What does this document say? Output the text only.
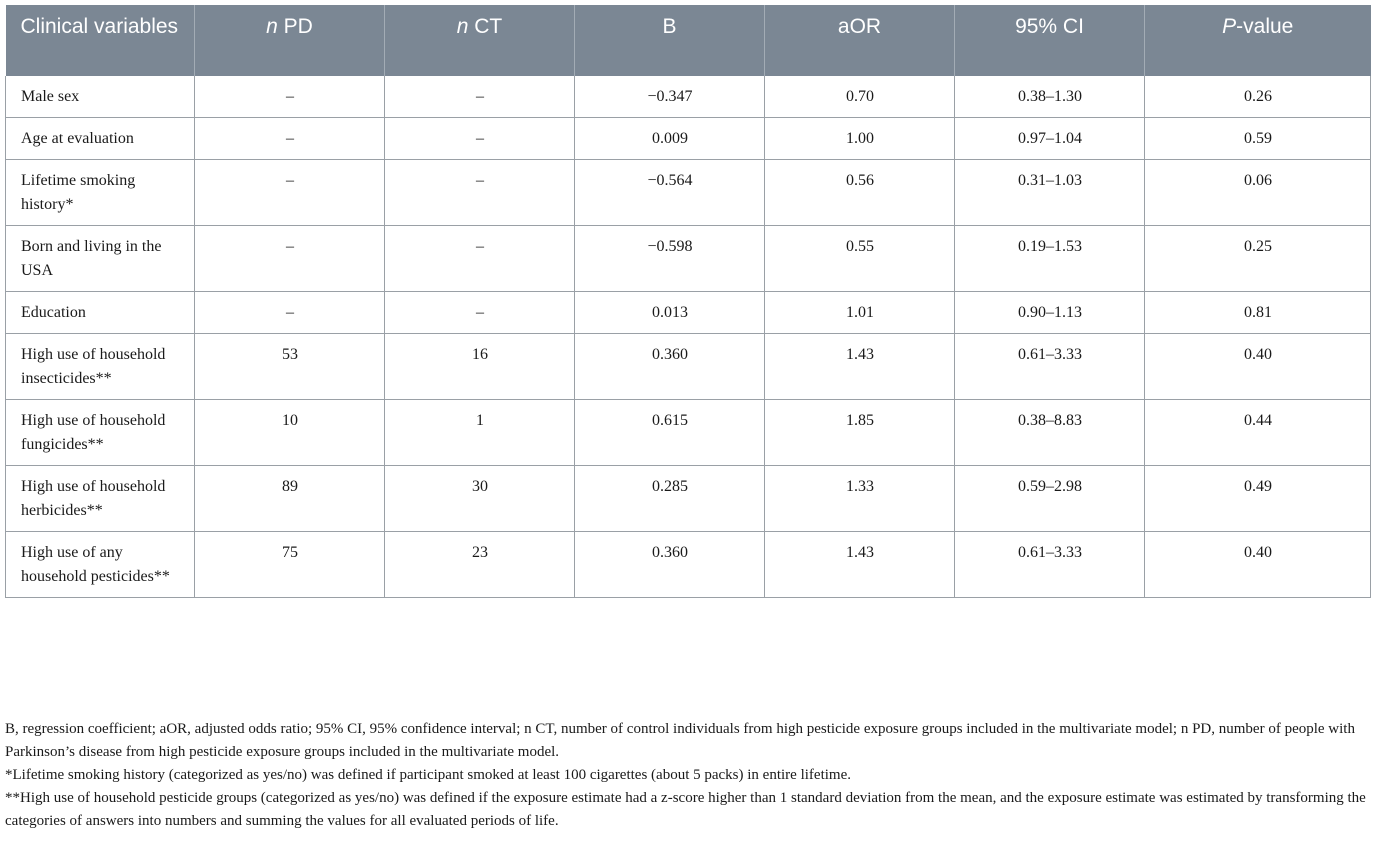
Clinical variables	n PD	n CT	B	aOR	95% CI	P-value
Male sex	–	–	−0.347	0.70	0.38–1.30	0.26
Age at evaluation	–	–	0.009	1.00	0.97–1.04	0.59
Lifetime smoking history*	–	–	−0.564	0.56	0.31–1.03	0.06
Born and living in the USA	–	–	−0.598	0.55	0.19–1.53	0.25
Education	–	–	0.013	1.01	0.90–1.13	0.81
High use of household insecticides**	53	16	0.360	1.43	0.61–3.33	0.40
High use of household fungicides**	10	1	0.615	1.85	0.38–8.83	0.44
High use of household herbicides**	89	30	0.285	1.33	0.59–2.98	0.49
High use of any household pesticides**	75	23	0.360	1.43	0.61–3.33	0.40

B, regression coefficient; aOR, adjusted odds ratio; 95% CI, 95% confidence interval; n CT, number of control individuals from high pesticide exposure groups included in the multivariate model; n PD, number of people with Parkinson’s disease from high pesticide exposure groups included in the multivariate model.

*Lifetime smoking history (categorized as yes/no) was defined if participant smoked at least 100 cigarettes (about 5 packs) in entire lifetime.

**High use of household pesticide groups (categorized as yes/no) was defined if the exposure estimate had a z-score higher than 1 standard deviation from the mean, and the exposure estimate was estimated by transforming the categories of answers into numbers and summing the values for all evaluated periods of life.
